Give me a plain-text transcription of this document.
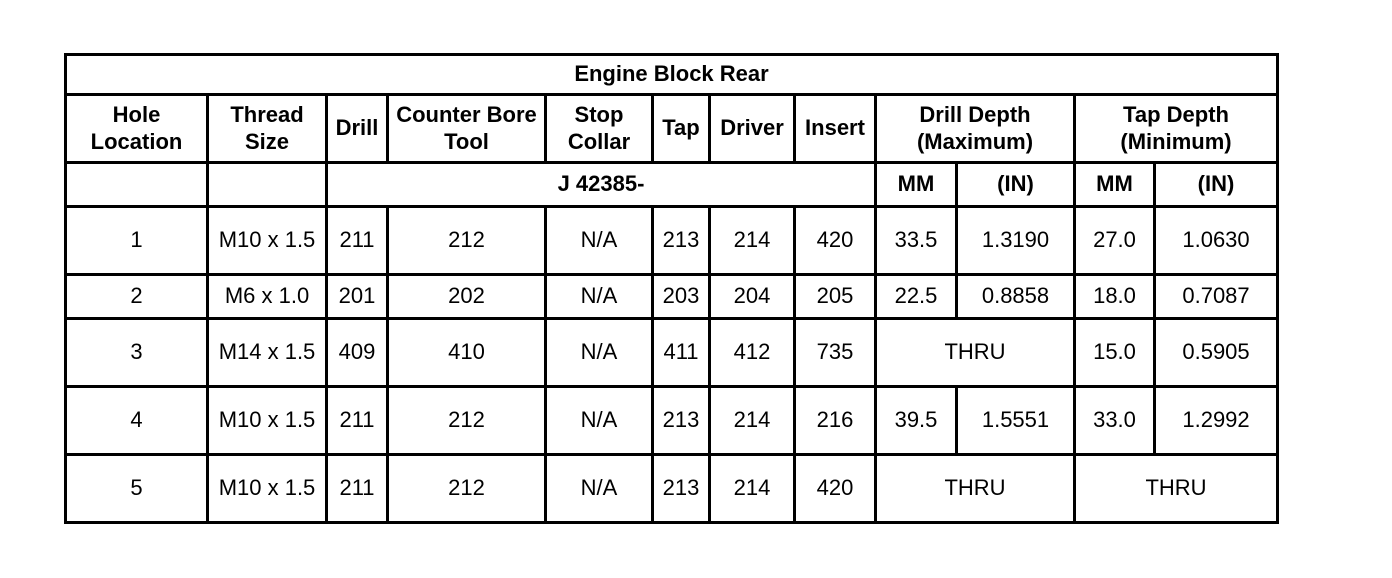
Engine Block Rear											
Hole Location	Thread Size	Drill	Counter Bore Tool	Stop Collar	Tap	Driver	Insert	Drill Depth (Maximum)		Tap Depth (Minimum)	
		J 42385-						MM	(IN)	MM	(IN)
1	M10 x 1.5	211	212	N/A	213	214	420	33.5	1.3190	27.0	1.0630
2	M6 x 1.0	201	202	N/A	203	204	205	22.5	0.8858	18.0	0.7087
3	M14 x 1.5	409	410	N/A	411	412	735	THRU		15.0	0.5905
4	M10 x 1.5	211	212	N/A	213	214	216	39.5	1.5551	33.0	1.2992
5	M10 x 1.5	211	212	N/A	213	214	420	THRU		THRU	
